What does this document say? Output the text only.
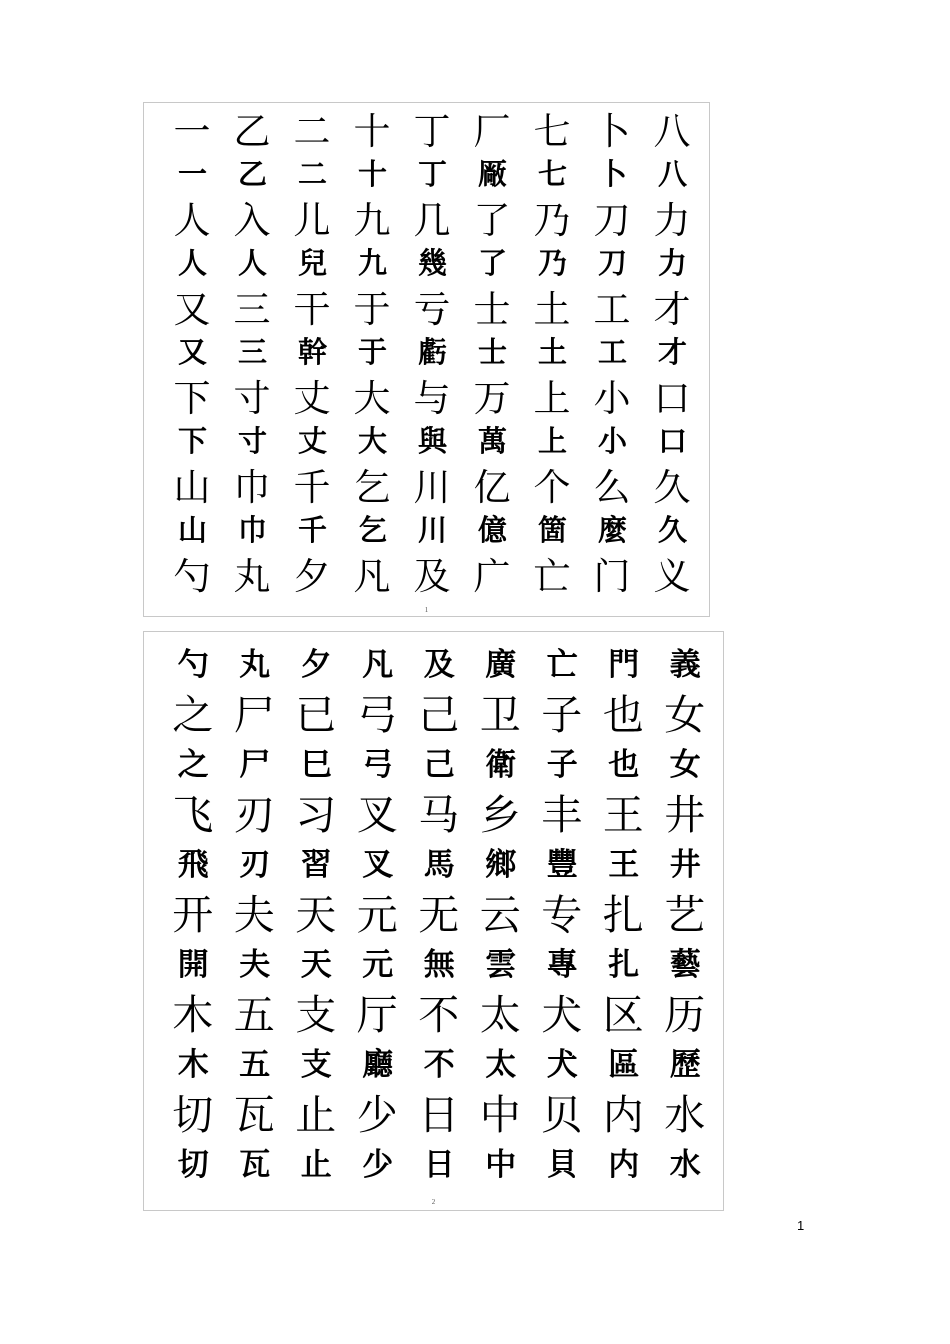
一 乙 二 十 丁 厂 七 卜 八
一	乙	二	十	丁	厰	七	卜	八
人 入 儿 九 几 了 乃 刀 力
人	人	兒	九	幾	了	乃	刀	力
又 三 干 于 亏 士 土 工 才
又	三	幹	于	虧	士	土	工	才
下 寸 丈 大 与 万 上 小 口
下	寸	丈	大	與	萬	上	小	口
山 巾 千 乞 川 亿 个 么 久
山	巾	千	乞	川	億	箇	麼	久
勺 丸 夕 凡 及 广 亡 门 义
1
勺	丸	夕	凡	及	廣	亡	門	義
之 尸 已 弓 己 卫 子 也 女
之	尸	巳	弓	己	衛	子	也	女
飞 刃 习 叉 马 乡 丰 王 井
飛	刃	習	叉	馬	鄉	豐	王	井
开 夫 天 元 无 云 专 扎 艺
開	夫	天	元	無	雲	專	扎	藝
木 五 支 厅 不 太 犬 区 历
木	五	支	廳	不	太	犬	區	歷
切 瓦 止 少 日 中 贝 内 水
切	瓦	止	少	日	中	貝	内	水
2
1
